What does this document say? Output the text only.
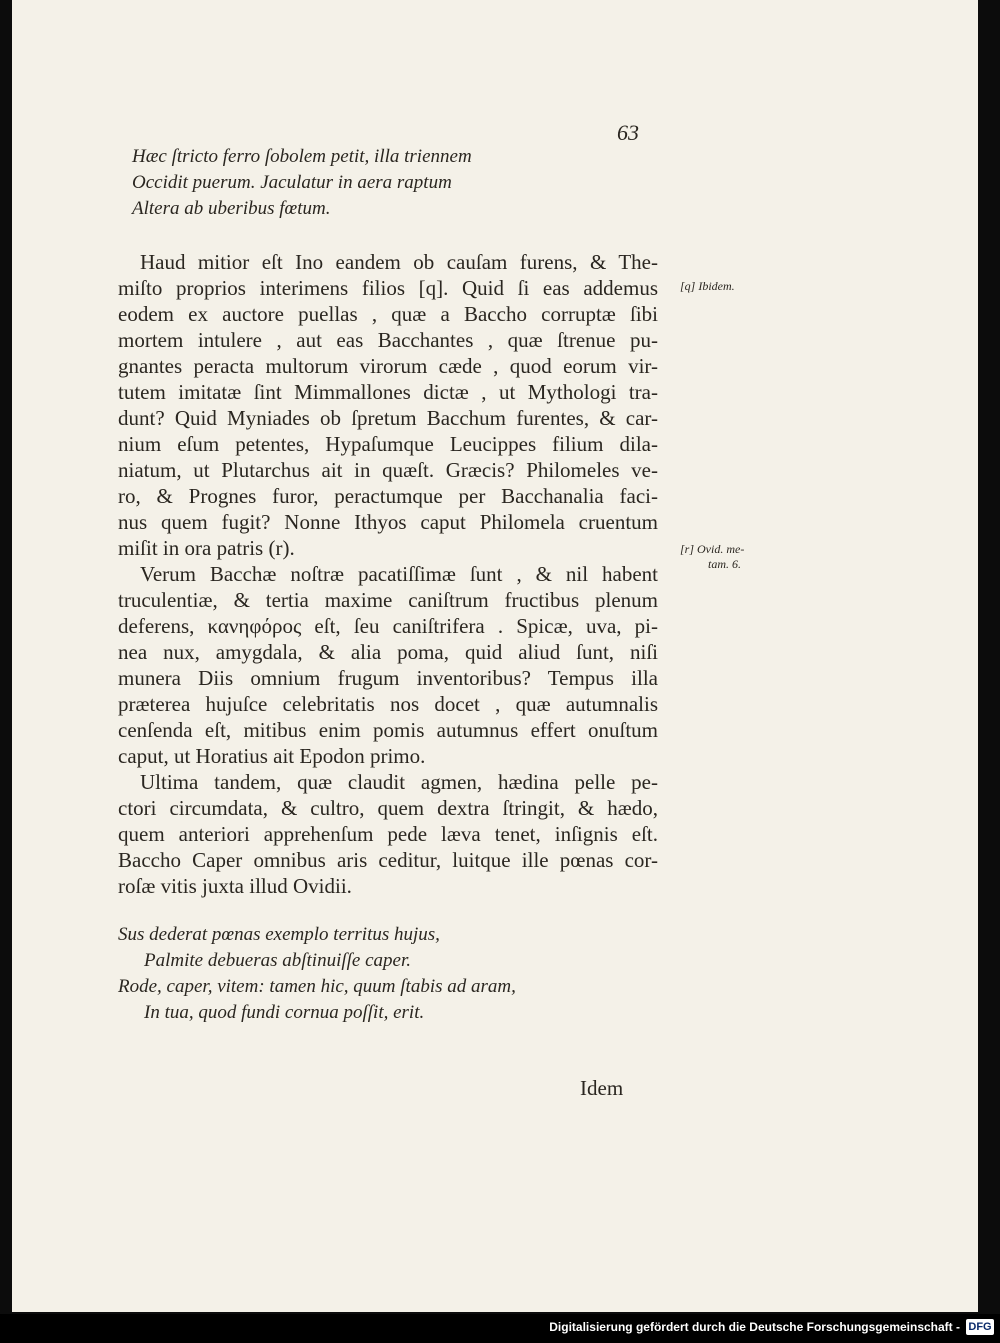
63
Hæc ſtricto ferro ſobolem petit, illa triennem
Occidit puerum. Jaculatur in aera raptum
Altera ab uberibus fœtum.
Haud mitior eſt Ino eandem ob cauſam furens, & The-
miſto proprios interimens filios [q]. Quid ſi eas addemus
eodem ex auctore puellas , quæ a Baccho corruptæ ſibi
mortem intulere , aut eas Bacchantes , quæ ſtrenue pu-
gnantes peracta multorum virorum cæde , quod eorum vir-
tutem imitatæ ſint Mimmallones dictæ , ut Mythologi tra-
dunt? Quid Myniades ob ſpretum Bacchum furentes, & car-
nium eſum petentes, Hypaſumque Leucippes filium dila-
niatum, ut Plutarchus ait in quæſt. Græcis? Philomeles ve-
ro, & Prognes furor, peractumque per Bacchanalia faci-
nus quem fugit? Nonne Ithyos caput Philomela cruentum
miſit in ora patris (r).
Verum Bacchæ noſtræ pacatiſſimæ ſunt , & nil habent
truculentiæ, & tertia maxime caniſtrum fructibus plenum
deferens, κανηφόρος eſt, ſeu caniſtrifera . Spicæ, uva, pi-
nea nux, amygdala, & alia poma, quid aliud ſunt, niſi
munera Diis omnium frugum inventoribus? Tempus illa
præterea hujuſce celebritatis nos docet , quæ autumnalis
cenſenda eſt, mitibus enim pomis autumnus effert onuſtum
caput, ut Horatius ait Epodon primo.
Ultima tandem, quæ claudit agmen, hædina pelle pe-
ctori circumdata, & cultro, quem dextra ſtringit, & hædo,
quem anteriori apprehenſum pede læva tenet, inſignis eſt.
Baccho Caper omnibus aris ceditur, luitque ille pœnas cor-
roſæ vitis juxta illud Ovidii.
Sus dederat pœnas exemplo territus hujus,
Palmite debueras abſtinuiſſe caper.
Rode, caper, vitem: tamen hic, quum ſtabis ad aram,
In tua, quod fundi cornua poſſit, erit.
[q] Ibidem.
[r] Ovid. me-
tam. 6.
Idem
Digitalisierung gefördert durch die Deutsche Forschungsgemeinschaft - DFG
